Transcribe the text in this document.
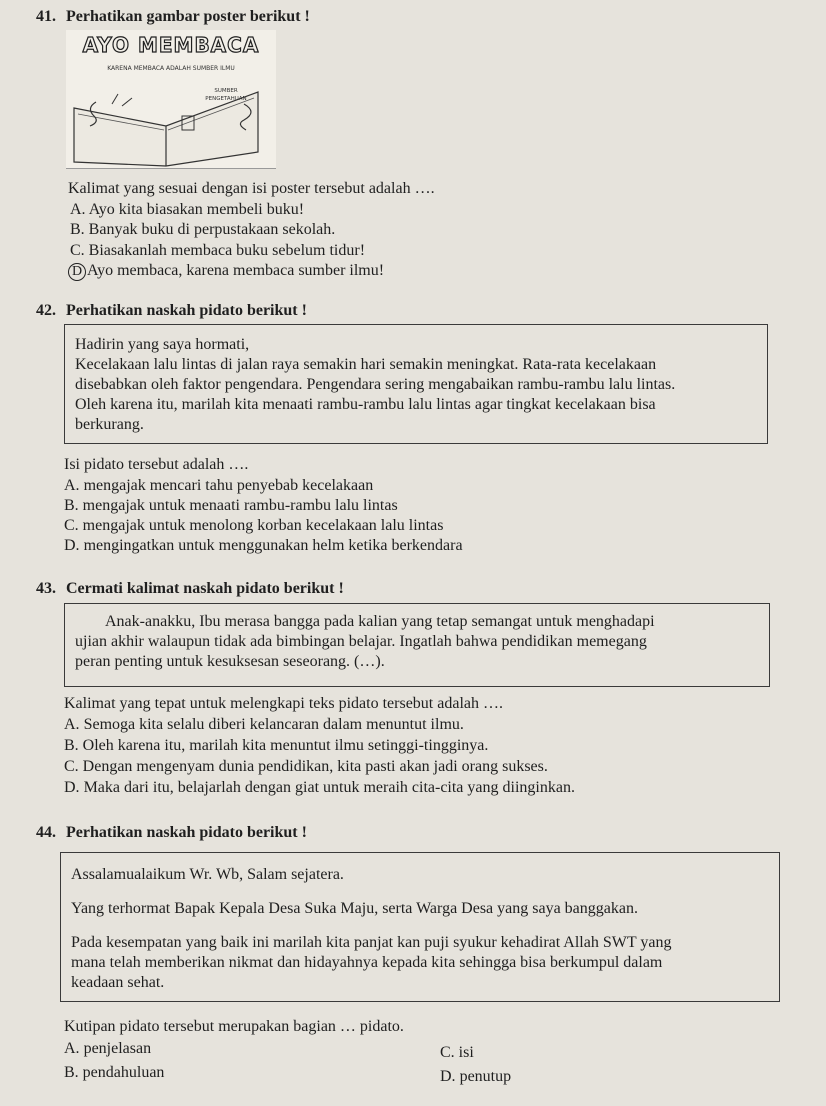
41. Perhatikan gambar poster berikut !
AYO MEMBACA
KARENA MEMBACA ADALAH SUMBER ILMU
SUMBER
PENGETAHUAN
Kalimat yang sesuai dengan isi poster tersebut adalah ….
A. Ayo kita biasakan membeli buku!
B. Banyak buku di perpustakaan sekolah.
C. Biasakanlah membaca buku sebelum tidur!
D Ayo membaca, karena membaca sumber ilmu!
42. Perhatikan naskah pidato berikut !

Hadirin yang saya hormati,

Kecelakaan lalu lintas di jalan raya semakin hari semakin meningkat. Rata-rata kecelakaan

disebabkan oleh faktor pengendara. Pengendara sering mengabaikan rambu-rambu lalu lintas.

Oleh karena itu, marilah kita menaati rambu-rambu lalu lintas agar tingkat kecelakaan bisa

berkurang.

Isi pidato tersebut adalah ….
A. mengajak mencari tahu penyebab kecelakaan
B. mengajak untuk menaati rambu-rambu lalu lintas
C. mengajak untuk menolong korban kecelakaan lalu lintas
D. mengingatkan untuk menggunakan helm ketika berkendara
43. Cermati kalimat naskah pidato berikut !

Anak-anakku, Ibu merasa bangga pada kalian yang tetap semangat untuk menghadapi

ujian akhir walaupun tidak ada bimbingan belajar. Ingatlah bahwa pendidikan memegang

peran penting untuk kesuksesan seseorang. (…).

Kalimat yang tepat untuk melengkapi teks pidato tersebut adalah ….
A. Semoga kita selalu diberi kelancaran dalam menuntut ilmu.
B. Oleh karena itu, marilah kita menuntut ilmu setinggi-tingginya.
C. Dengan mengenyam dunia pendidikan, kita pasti akan jadi orang sukses.
D. Maka dari itu, belajarlah dengan giat untuk meraih cita-cita yang diinginkan.
44. Perhatikan naskah pidato berikut !

Assalamualaikum Wr. Wb, Salam sejatera.

Yang terhormat Bapak Kepala Desa Suka Maju, serta Warga Desa yang saya banggakan.

Pada kesempatan yang baik ini marilah kita panjat kan puji syukur kehadirat Allah SWT yang

mana telah memberikan nikmat dan hidayahnya kepada kita sehingga bisa berkumpul dalam

keadaan sehat.

Kutipan pidato tersebut merupakan bagian … pidato.
A. penjelasan
B. pendahuluan
C. isi
D. penutup
